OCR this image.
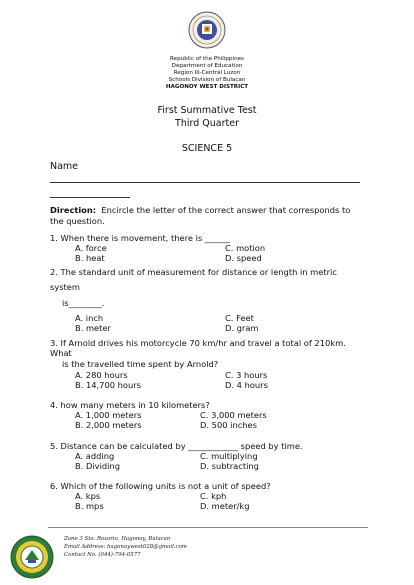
Republic of the Philippines
Department of Education
Region III-Central Luzon
Schools Division of Bulacan
HAGONOY WEST DISTRICT
First Summative Test
Third Quarter
SCIENCE 5
Name
Direction: Encircle the letter of the correct answer that corresponds to
the question.
1. When there is movement, there is ______
A. force	C. motion
B. heat	D. speed
2. The standard unit of measurement for distance or length in metric
system
is________.
A. inch	C. Feet
B. meter	D. gram
3. If Arnold drives his motorcycle 70 km/hr and travel a total of 210km.
What
is the travelled time spent by Arnold?
A. 280 hours	C. 3 hours
B. 14,700 hours	D. 4 hours
4. how many meters in 10 kilometers?
A. 1,000 meters	C. 3,000 meters
B. 2,000 meters	D. 500 inches
5. Distance can be calculated by ____________ speed by time.
A. adding	C. multiplying
B. Dividing	D. subtracting
6. Which of the following units is not a unit of speed?
A. kps	C. kph
B. mps	D. meter/kg
Zone 3 Sto. Rosario, Hagonoy, Bulacan
Email Address: hagonoywest028@gmail.com
Contact No. (044)-794-0577
